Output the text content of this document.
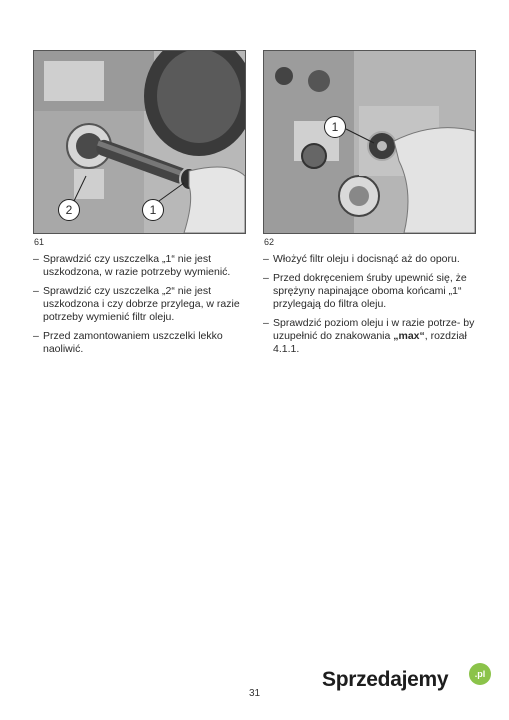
2	1
61
1
62
– Sprawdzić czy uszczelka „1“ nie jest uszkodzona, w razie potrzeby wymienić.
– Sprawdzić czy uszczelka „2“ nie jest uszkodzona i czy dobrze przylega, w razie potrzeby wymienić filtr oleju.
– Przed zamontowaniem uszczelki lekko naoliwić.
– Włożyć filtr oleju i docisnąć aż do oporu.
– Przed dokręceniem śruby upewnić się, że sprężyny napinające oboma końcami „1“ przylegają do filtra oleju.
– Sprawdzić poziom oleju i w razie potrze- by uzupełnić do znakowania „max“, rozdział 4.1.1.
31
Sprzedajemy	.pl
